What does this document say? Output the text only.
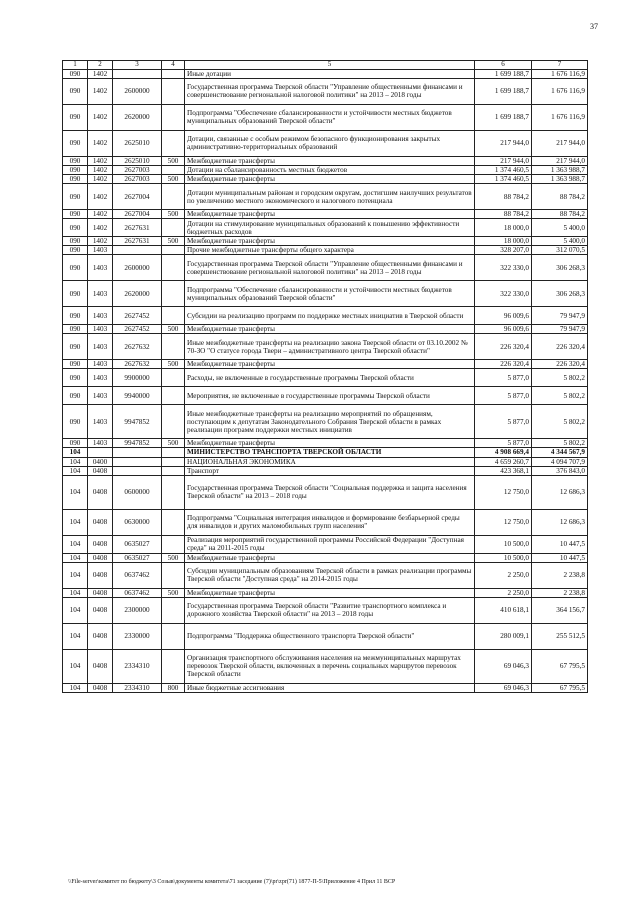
37
1	2	3	4	5	6	7
090	1402			Иные дотации	1 699 188,7	1 676 116,9
090	1402	2600000		Государственная программа Тверской области "Управление общественными финансами и совершенствование региональной налоговой политики" на 2013 – 2018 годы	1 699 188,7	1 676 116,9
090	1402	2620000		Подпрограмма "Обеспечение сбалансированности и устойчивости местных бюджетов муниципальных образований Тверской области"	1 699 188,7	1 676 116,9
090	1402	2625010		Дотации, связанные с особым режимом безопасного функционирования закрытых административно-территориальных образований	217 944,0	217 944,0
090	1402	2625010	500	Межбюджетные трансферты	217 944,0	217 944,0
090	1402	2627003		Дотации на сбалансированность местных бюджетов	1 374 460,5	1 363 988,7
090	1402	2627003	500	Межбюджетные трансферты	1 374 460,5	1 363 988,7
090	1402	2627004		Дотации муниципальным районам и городским округам, достигшим наилучших результатов по увеличению местного экономического и налогового потенциала	88 784,2	88 784,2
090	1402	2627004	500	Межбюджетные трансферты	88 784,2	88 784,2
090	1402	2627631		Дотации на стимулирование муниципальных образований к повышению эффективности бюджетных расходов	18 000,0	5 400,0
090	1402	2627631	500	Межбюджетные трансферты	18 000,0	5 400,0
090	1403			Прочие межбюджетные трансферты общего характера	328 207,0	312 070,5
090	1403	2600000		Государственная программа Тверской области "Управление общественными финансами и совершенствование региональной налоговой политики" на 2013 – 2018 годы	322 330,0	306 268,3
090	1403	2620000		Подпрограмма "Обеспечение сбалансированности и устойчивости местных бюджетов муниципальных образований Тверской области"	322 330,0	306 268,3
090	1403	2627452		Субсидии на реализацию программ по поддержке местных инициатив в Тверской области	96 009,6	79 947,9
090	1403	2627452	500	Межбюджетные трансферты	96 009,6	79 947,9
090	1403	2627632		Иные межбюджетные трансферты на реализацию закона Тверской области от 03.10.2002 № 70-ЗО "О статусе города Твери – административного центра Тверской области"	226 320,4	226 320,4
090	1403	2627632	500	Межбюджетные трансферты	226 320,4	226 320,4
090	1403	9900000		Расходы, не включенные в государственные программы Тверской области	5 877,0	5 802,2
090	1403	9940000		Мероприятия, не включенные в государственные программы Тверской области	5 877,0	5 802,2
090	1403	9947852		Иные межбюджетные трансферты на реализацию мероприятий по обращениям, поступающим к депутатам Законодательного Собрания Тверской области в рамках реализации программ поддержки местных инициатив	5 877,0	5 802,2
090	1403	9947852	500	Межбюджетные трансферты	5 877,0	5 802,2
104				МИНИСТЕРСТВО ТРАНСПОРТА ТВЕРСКОЙ ОБЛАСТИ	4 908 669,4	4 344 567,9
104	0400			НАЦИОНАЛЬНАЯ ЭКОНОМИКА	4 659 260,7	4 094 707,9
104	0408			Транспорт	423 368,1	376 843,0
104	0408	0600000		Государственная программа Тверской области "Социальная поддержка и защита населения Тверской области" на 2013 – 2018 годы	12 750,0	12 686,3
104	0408	0630000		Подпрограмма "Социальная интеграция инвалидов и формирование безбарьерной среды для инвалидов и других маломобильных групп населения"	12 750,0	12 686,3
104	0408	0635027		Реализация мероприятий государственной программы Российской Федерации "Доступная среда" на 2011-2015 годы	10 500,0	10 447,5
104	0408	0635027	500	Межбюджетные трансферты	10 500,0	10 447,5
104	0408	0637462		Субсидии муниципальным образованиям Тверской области в рамках реализации программы Тверской области "Доступная среда" на 2014-2015 годы	2 250,0	2 238,8
104	0408	0637462	500	Межбюджетные трансферты	2 250,0	2 238,8
104	0408	2300000		Государственная программа Тверской области "Развитие транспортного комплекса и дорожного хозяйства Тверской области" на 2013 – 2018 годы	410 618,1	364 156,7
104	0408	2330000		Подпрограмма "Поддержка общественного транспорта Тверской области"	280 009,1	255 512,5
104	0408	2334310		Организация транспортного обслуживания населения на межмуниципальных маршрутах перевозок Тверской области, включенных в перечень социальных маршрутов перевозок Тверской области	69 046,3	67 795,5
104	0408	2334310	800	Иные бюджетные ассигнования	69 046,3	67 795,5
\\File-server\комитет по бюджету\3 Созыв\документы комитета\71 заседание (7)\pr\zpr(71) 1877-П-5\Приложение 4 Прил 11 ВСР
